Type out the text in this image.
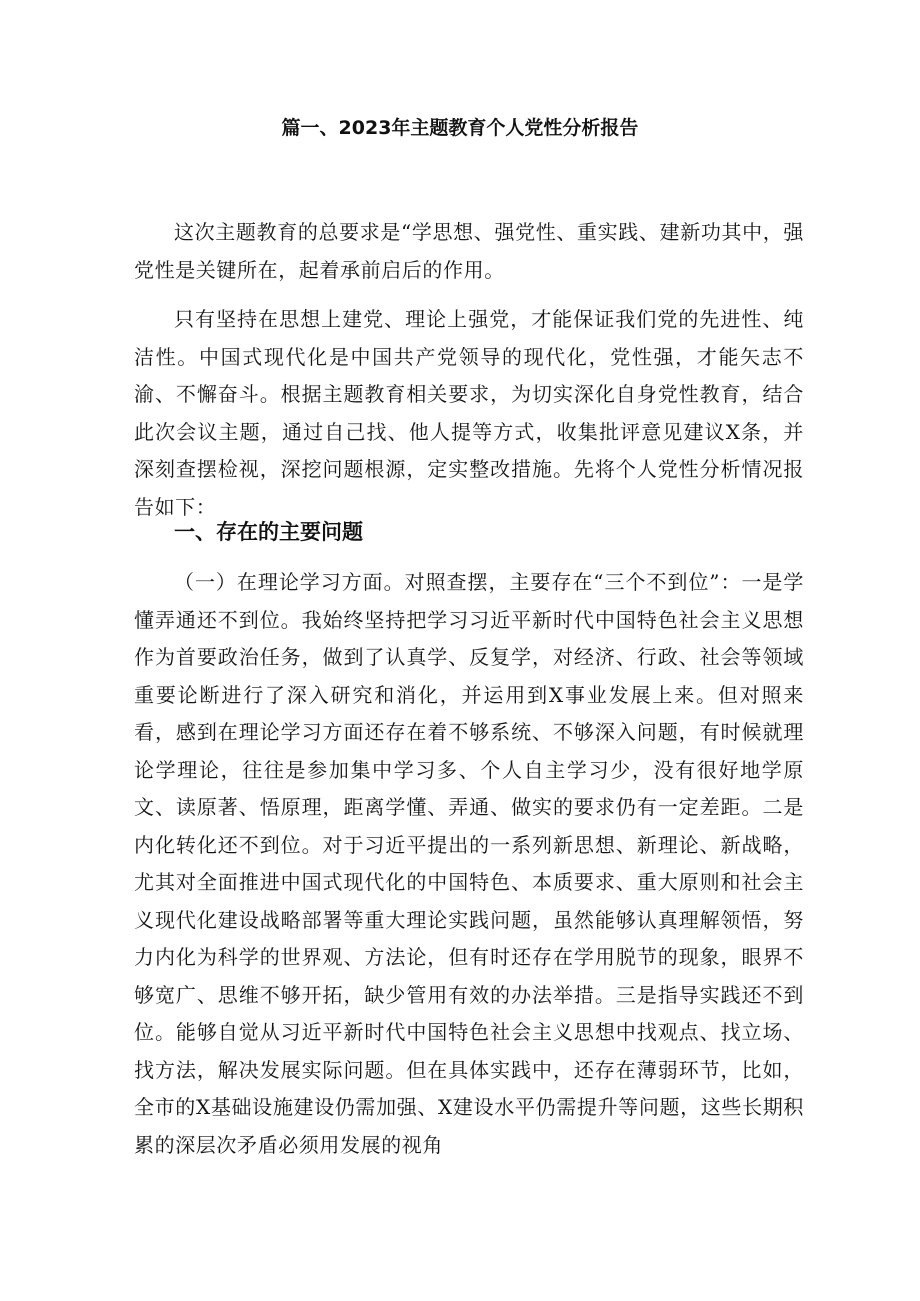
篇一、2023年主题教育个人党性分析报告

这次主题教育的总要求是“学思想、强党性、重实践、建新功其中，强党性是关键所在，起着承前启后的作用。

只有坚持在思想上建党、理论上强党，才能保证我们党的先进性、纯洁性。中国式现代化是中国共产党领导的现代化，党性强，才能矢志不渝、不懈奋斗。根据主题教育相关要求，为切实深化自身党性教育，结合此次会议主题，通过自己找、他人提等方式，收集批评意见建议X条，并深刻查摆检视，深挖问题根源，定实整改措施。先将个人党性分析情况报告如下：

一、存在的主要问题

（一）在理论学习方面。对照查摆，主要存在“三个不到位”：一是学懂弄通还不到位。我始终坚持把学习习近平新时代中国特色社会主义思想作为首要政治任务，做到了认真学、反复学，对经济、行政、社会等领域重要论断进行了深入研究和消化，并运用到X事业发展上来。但对照来看，感到在理论学习方面还存在着不够系统、不够深入问题，有时候就理论学理论，往往是参加集中学习多、个人自主学习少，没有很好地学原文、读原著、悟原理，距离学懂、弄通、做实的要求仍有一定差距。二是内化转化还不到位。对于习近平提出的一系列新思想、新理论、新战略，尤其对全面推进中国式现代化的中国特色、本质要求、重大原则和社会主义现代化建设战略部署等重大理论实践问题，虽然能够认真理解领悟，努力内化为科学的世界观、方法论，但有时还存在学用脱节的现象，眼界不够宽广、思维不够开拓，缺少管用有效的办法举措。三是指导实践还不到位。能够自觉从习近平新时代中国特色社会主义思想中找观点、找立场、找方法，解决发展实际问题。但在具体实践中，还存在薄弱环节，比如，全市的X基础设施建设仍需加强、X建设水平仍需提升等问题，这些长期积累的深层次矛盾必须用发展的视角
